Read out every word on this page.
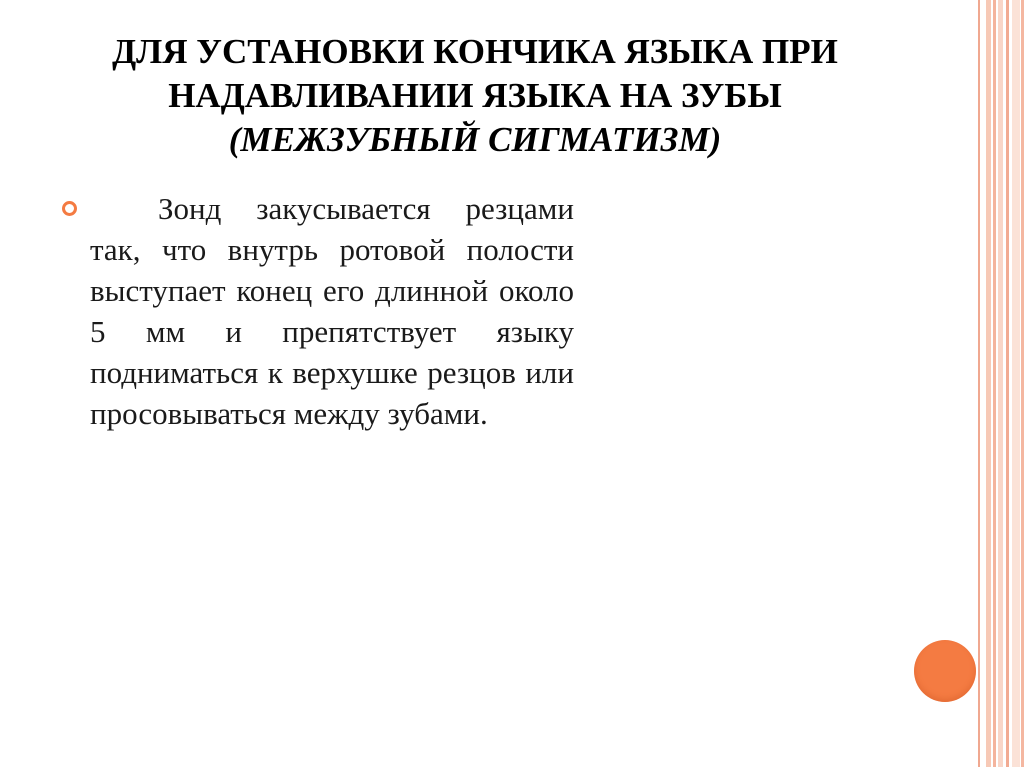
ДЛЯ УСТАНОВКИ КОНЧИКА ЯЗЫКА ПРИ
НАДАВЛИВАНИИ ЯЗЫКА НА ЗУБЫ
(МЕЖЗУБНЫЙ СИГМАТИЗМ)

Зонд закусывается резцами так, что внутрь ротовой полости выступает конец его длинной около 5 мм и препятствует языку подниматься к верхушке резцов или просовываться между зубами.
